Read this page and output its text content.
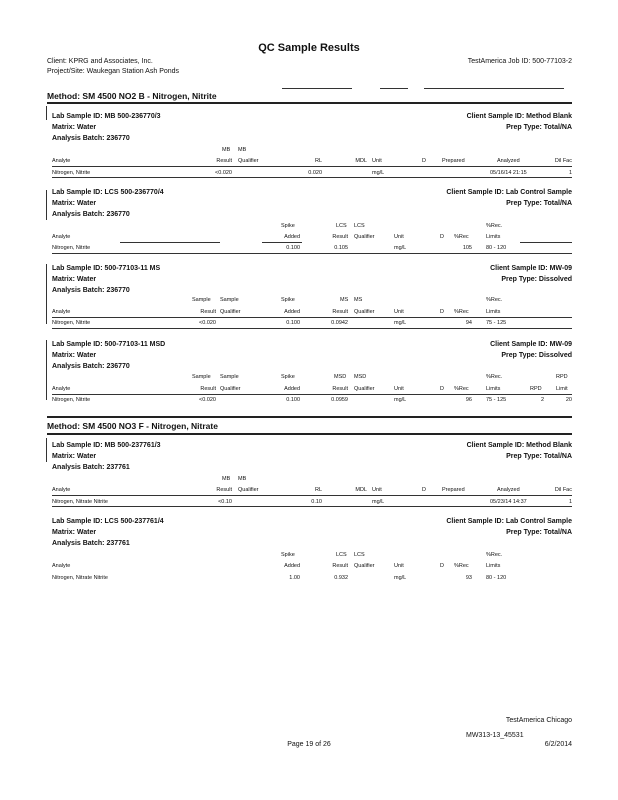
QC Sample Results
Client: KPRG and Associates, Inc.
Project/Site: Waukegan Station Ash Ponds
TestAmerica Job ID: 500-77103-2
Method: SM 4500 NO2 B - Nitrogen, Nitrite
Lab Sample ID: MB 500-236770/3	Client Sample ID: Method Blank
Matrix: Water	Prep Type: Total/NA
Analysis Batch: 236770
MB MB
Analyte	Result Qualifier	RL	MDL Unit	D	Prepared	Analyzed	Dil Fac
Nitrogen, Nitrite	<0.020	0.020	mg/L	05/16/14 21:15	1
Lab Sample ID: LCS 500-236770/4	Client Sample ID: Lab Control Sample
Matrix: Water	Prep Type: Total/NA
Analysis Batch: 236770
Spike	LCS LCS	%Rec.
Analyte	Added	Result Qualifier	Unit	D %Rec	Limits
Nitrogen, Nitrite	0.100	0.105	mg/L	105	80 - 120
Lab Sample ID: 500-77103-11 MS	Client Sample ID: MW-09
Matrix: Water	Prep Type: Dissolved
Analysis Batch: 236770
Sample Sample	Spike	MS MS	%Rec.
Analyte	Result Qualifier	Added	Result Qualifier	Unit	D %Rec	Limits
Nitrogen, Nitrite	<0.020	0.100	0.0942	mg/L	94	75 - 125
Lab Sample ID: 500-77103-11 MSD	Client Sample ID: MW-09
Matrix: Water	Prep Type: Dissolved
Analysis Batch: 236770
Sample Sample	Spike	MSD MSD	%Rec.	RPD
Analyte	Result Qualifier	Added	Result Qualifier	Unit	D %Rec	Limits	RPD	Limit
Nitrogen, Nitrite	<0.020	0.100	0.0959	mg/L	96	75 - 125	2	20
Method: SM 4500 NO3 F - Nitrogen, Nitrate
Lab Sample ID: MB 500-237761/3	Client Sample ID: Method Blank
Matrix: Water	Prep Type: Total/NA
Analysis Batch: 237761
MB MB
Analyte	Result Qualifier	RL	MDL Unit	D	Prepared	Analyzed	Dil Fac
Nitrogen, Nitrate Nitrite	<0.10	0.10	mg/L	05/23/14 14:37	1
Lab Sample ID: LCS 500-237761/4	Client Sample ID: Lab Control Sample
Matrix: Water	Prep Type: Total/NA
Analysis Batch: 237761
Spike	LCS LCS	%Rec.
Analyte	Added	Result Qualifier	Unit	D %Rec	Limits
Nitrogen, Nitrate Nitrite	1.00	0.932	mg/L	93	80 - 120
TestAmerica Chicago
MW313-13_45531
Page 19 of 26	6/2/2014
